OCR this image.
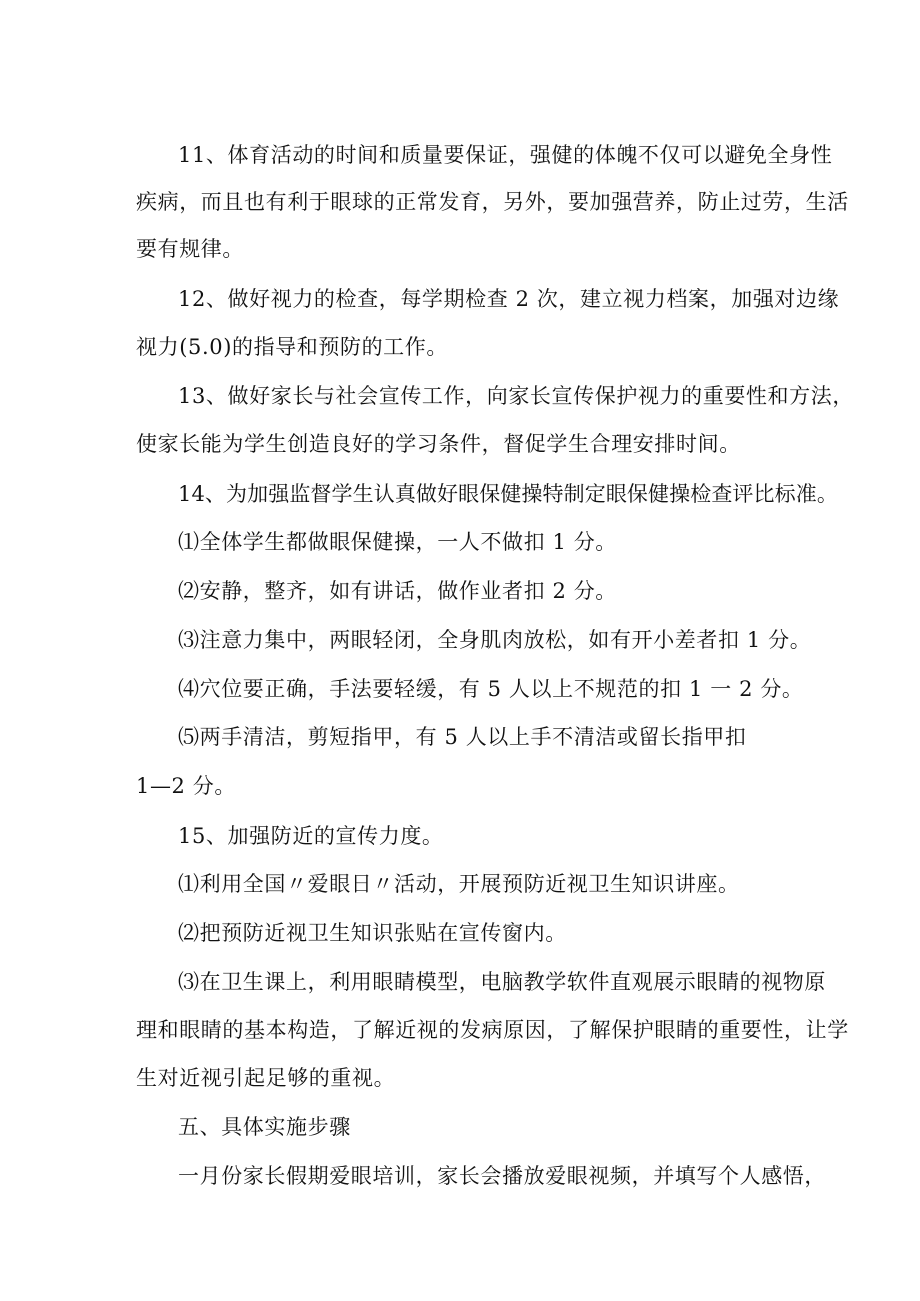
11、体育活动的时间和质量要保证，强健的体魄不仅可以避免全身性

疾病，而且也有利于眼球的正常发育，另外，要加强营养，防止过劳，生活

要有规律。

12、做好视力的检查，每学期检查 2 次，建立视力档案，加强对边缘

视力(5.0)的指导和预防的工作。

13、做好家长与社会宣传工作，向家长宣传保护视力的重要性和方法，

使家长能为学生创造良好的学习条件，督促学生合理安排时间。

14、为加强监督学生认真做好眼保健操特制定眼保健操检查评比标准。

⑴全体学生都做眼保健操，一人不做扣 1 分。

⑵安静，整齐，如有讲话，做作业者扣 2 分。

⑶注意力集中，两眼轻闭，全身肌肉放松，如有开小差者扣 1 分。

⑷穴位要正确，手法要轻缓，有 5 人以上不规范的扣 1 一 2 分。

⑸两手清洁，剪短指甲，有 5 人以上手不清洁或留长指甲扣

1—2 分。

15、加强防近的宣传力度。

⑴利用全国〃爱眼日〃活动，开展预防近视卫生知识讲座。

⑵把预防近视卫生知识张贴在宣传窗内。

⑶在卫生课上，利用眼睛模型，电脑教学软件直观展示眼睛的视物原

理和眼睛的基本构造，了解近视的发病原因，了解保护眼睛的重要性，让学

生对近视引起足够的重视。

五、具体实施步骤

一月份家长假期爱眼培训，家长会播放爱眼视频，并填写个人感悟，
